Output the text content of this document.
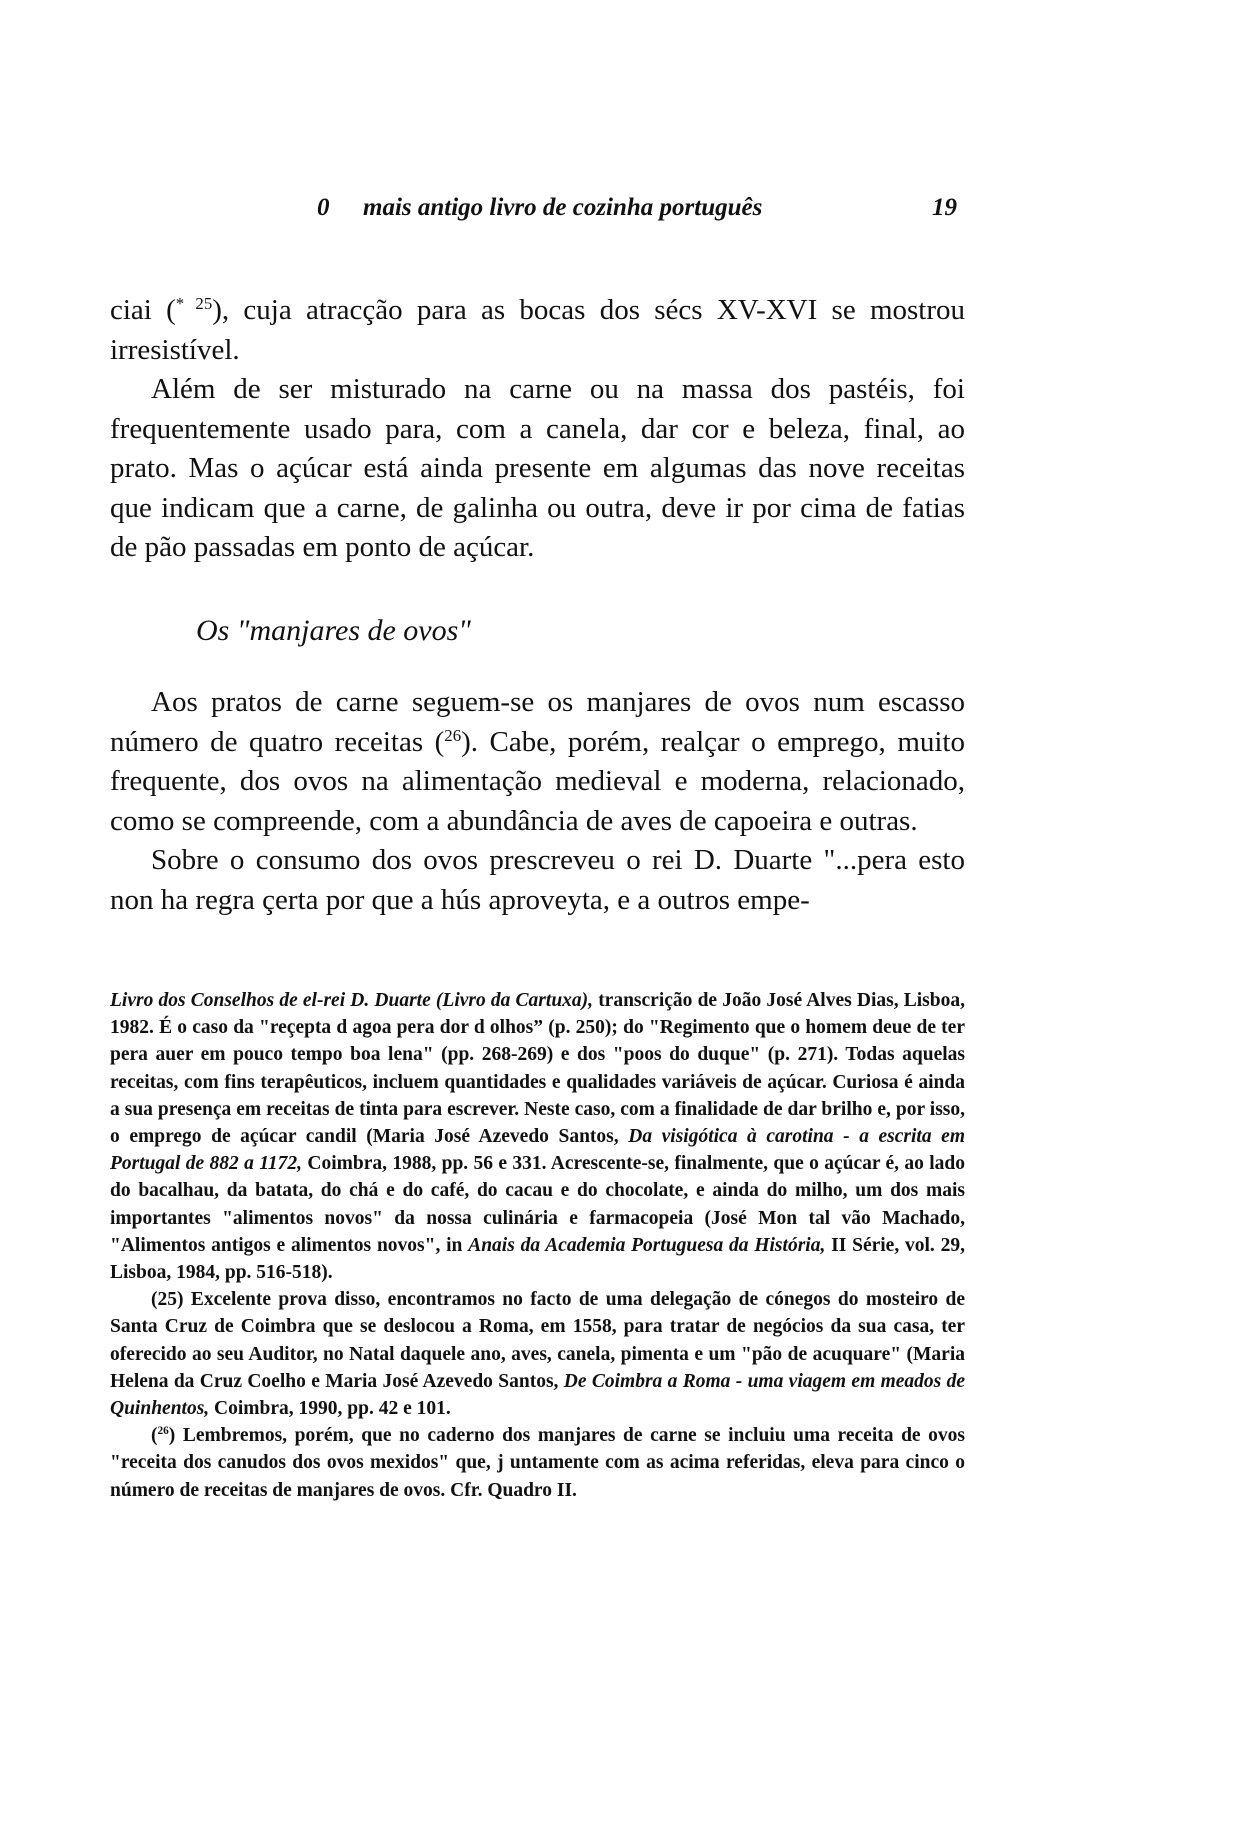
0 mais antigo livro de cozinha português	19

ciai ($^{* 25}$), cuja atracção para as bocas dos sécs XV-XVI se mostrou irresistível.

Além de ser misturado na carne ou na massa dos pastéis, foi frequentemente usado para, com a canela, dar cor e beleza, final, ao prato. Mas o açúcar está ainda presente em algumas das nove receitas que indicam que a carne, de galinha ou outra, deve ir por cima de fatias de pão passadas em ponto de açúcar.

Os "manjares de ovos"

Aos pratos de carne seguem-se os manjares de ovos num escasso número de quatro receitas ($^{26}$). Cabe, porém, realçar o emprego, muito frequente, dos ovos na alimentação medieval e moderna, relacionado, como se compreende, com a abundância de aves de capoeira e outras.

Sobre o consumo dos ovos prescreveu o rei D. Duarte "...pera esto non ha regra çerta por que a hús aproveyta, e a outros empe-

Livro dos Conselhos de el-rei D. Duarte (Livro da Cartuxa), transcrição de João José Alves Dias, Lisboa, 1982. É o caso da "reçepta d agoa pera dor d olhos” (p. 250); do "Regimento que o homem deue de ter pera auer em pouco tempo boa lena" (pp. 268-269) e dos "poos do duque" (p. 271). Todas aquelas receitas, com fins terapêuticos, incluem quantidades e qualidades variáveis de açúcar. Curiosa é ainda a sua presença em receitas de tinta para escrever. Neste caso, com a finalidade de dar brilho e, por isso, o emprego de açúcar candil (Maria José Azevedo Santos, Da visigótica à carotina - a escrita em Portugal de 882 a 1172, Coimbra, 1988, pp. 56 e 331. Acrescente-se, finalmente, que o açúcar é, ao lado do bacalhau, da batata, do chá e do café, do cacau e do chocolate, e ainda do milho, um dos mais importantes "alimentos novos" da nossa culinária e farmacopeia (José Mon tal vão Machado, "Alimentos antigos e alimentos novos", in Anais da Academia Portuguesa da História, II Série, vol. 29, Lisboa, 1984, pp. 516-518).

(25) Excelente prova disso, encontramos no facto de uma delegação de cónegos do mosteiro de Santa Cruz de Coimbra que se deslocou a Roma, em 1558, para tratar de negócios da sua casa, ter oferecido ao seu Auditor, no Natal daquele ano, aves, canela, pimenta e um "pão de acuquare" (Maria Helena da Cruz Coelho e Maria José Azevedo Santos, De Coimbra a Roma - uma viagem em meados de Quinhentos, Coimbra, 1990, pp. 42 e 101.

($^{26}$) Lembremos, porém, que no caderno dos manjares de carne se incluiu uma receita de ovos "receita dos canudos dos ovos mexidos" que, j untamente com as acima referidas, eleva para cinco o número de receitas de manjares de ovos. Cfr. Quadro II.
